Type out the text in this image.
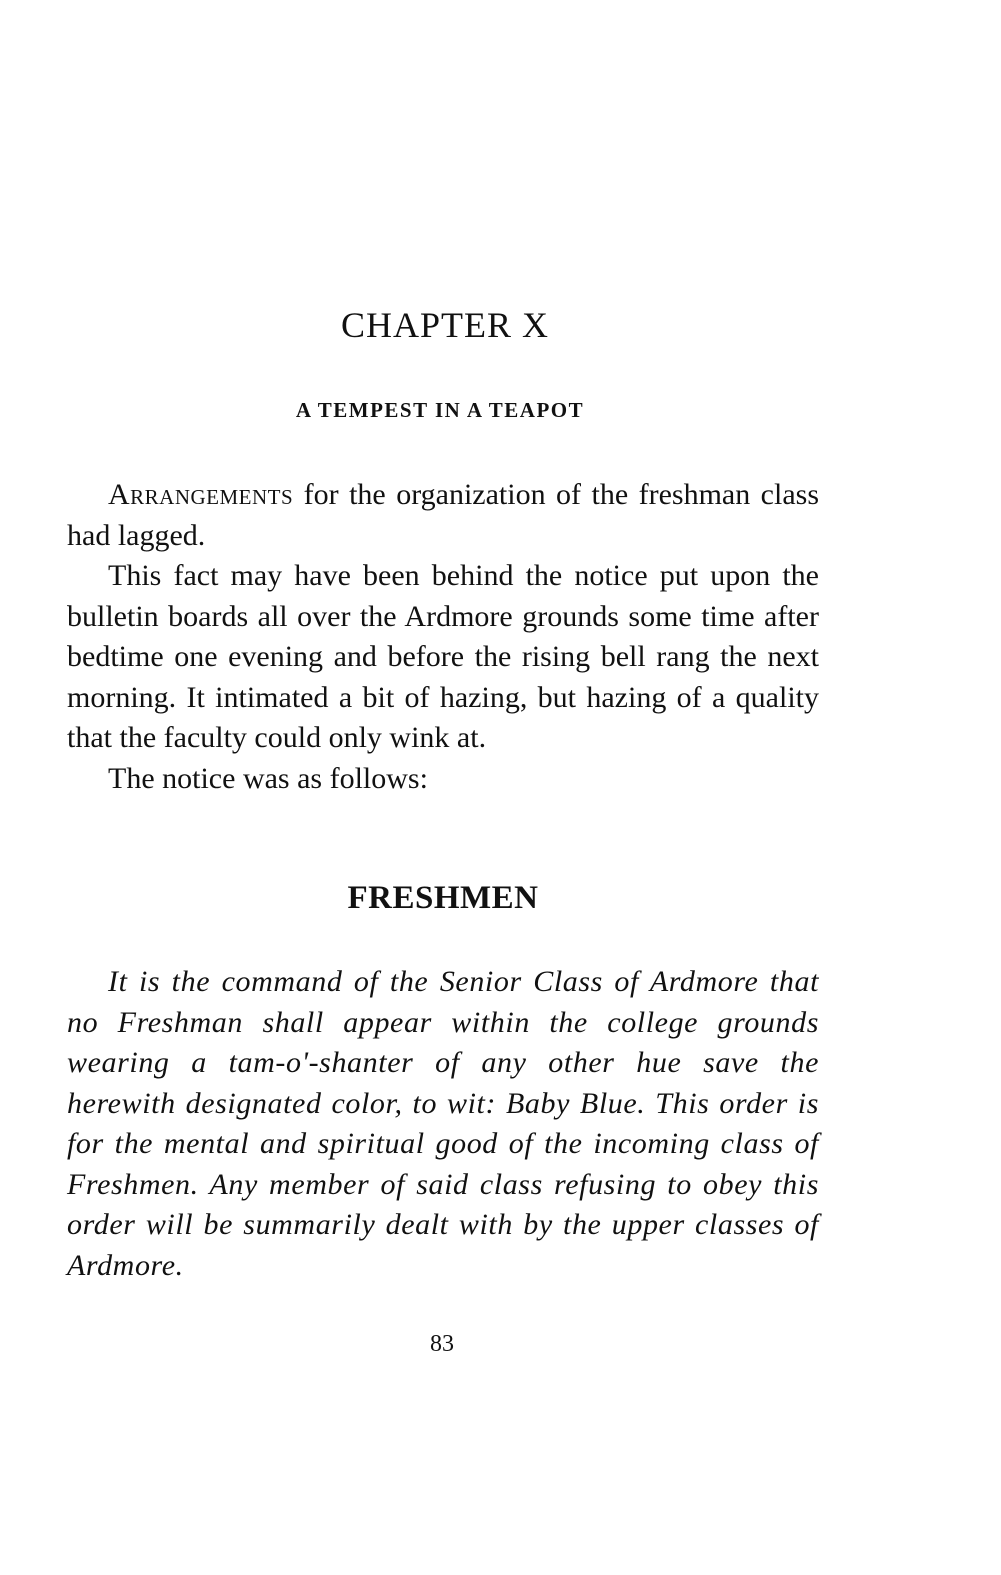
CHAPTER X
A TEMPEST IN A TEAPOT

Arrangements for the organization of the freshman class had lagged.

This fact may have been behind the notice put upon the bulletin boards all over the Ardmore grounds some time after bedtime one evening and before the rising bell rang the next morning. It intimated a bit of hazing, but hazing of a quality that the faculty could only wink at.

The notice was as follows:

FRESHMEN

It is the command of the Senior Class of Ardmore that no Freshman shall appear within the college grounds wearing a tam-o'-shanter of any other hue save the herewith designated color, to wit: Baby Blue. This order is for the mental and spiritual good of the incoming class of Freshmen. Any member of said class refusing to obey this order will be summarily dealt with by the upper classes of Ardmore.

83
